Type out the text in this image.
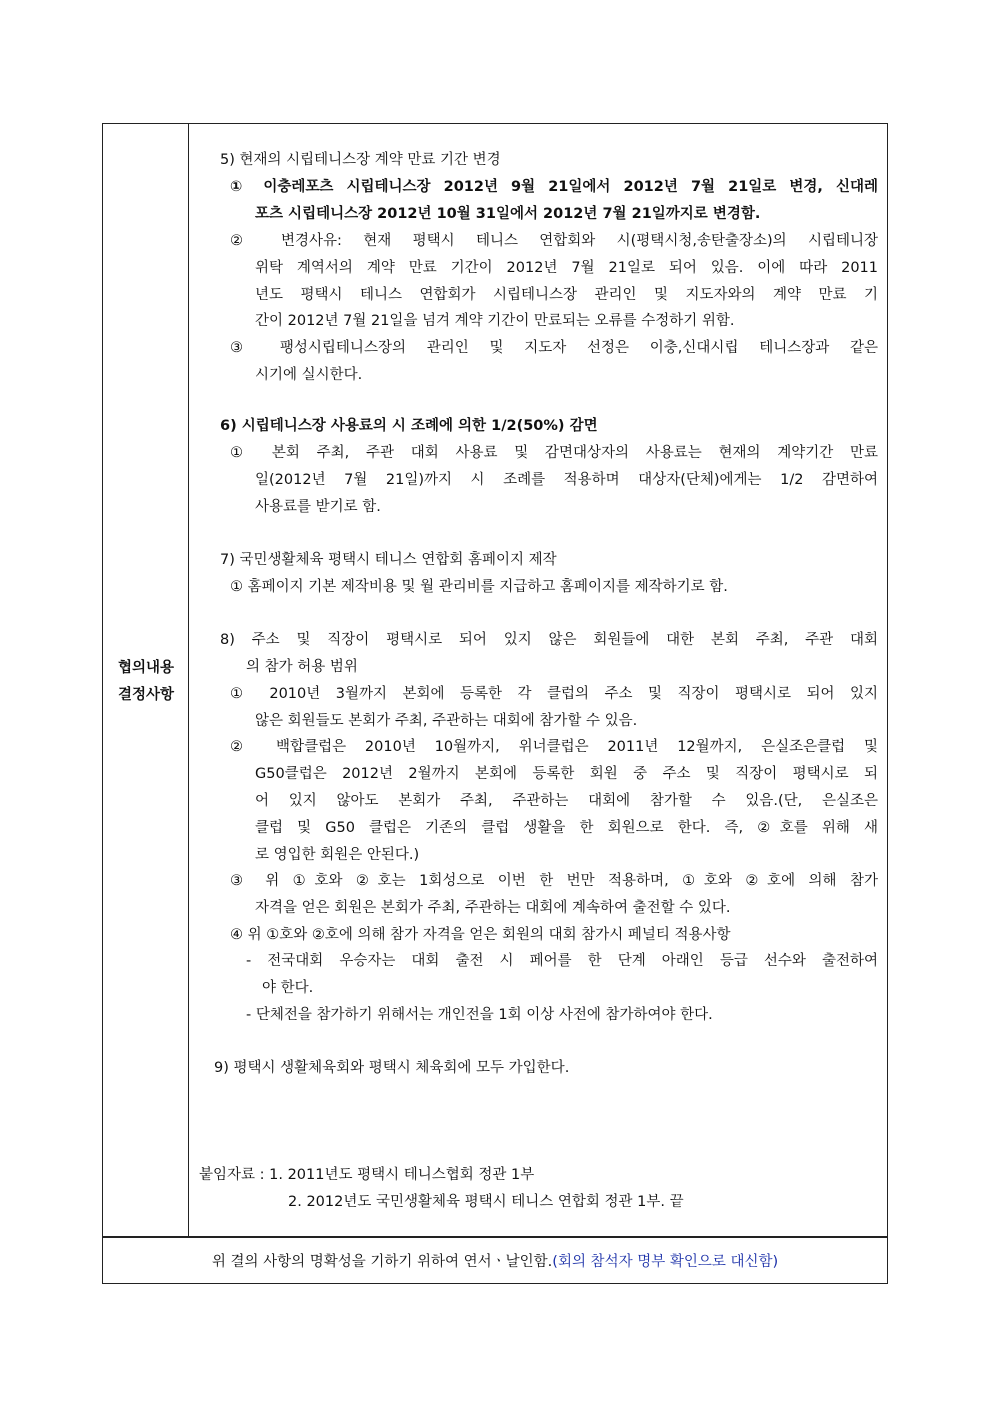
협의내용
결정사항
5) 현재의 시립테니스장 계약 만료 기간 변경
① 이충레포츠 시립테니스장 2012년 9월 21일에서 2012년 7월 21일로 변경, 신대레
포츠 시립테니스장 2012년 10월 31일에서 2012년 7월 21일까지로 변경함.
② 변경사유: 현재 평택시 테니스 연합회와 시(평택시청,송탄출장소)의 시립테니장
위탁 계역서의 계약 만료 기간이 2012년 7월 21일로 되어 있음. 이에 따라 2011
년도 평택시 테니스 연합회가 시립테니스장 관리인 및 지도자와의 계약 만료 기
간이 2012년 7월 21일을 넘겨 계약 기간이 만료되는 오류를 수정하기 위함.
③ 팽성시립테니스장의 관리인 및 지도자 선정은 이충,신대시립 테니스장과 같은
시기에 실시한다.
6) 시립테니스장 사용료의 시 조례에 의한 1/2(50%) 감면
① 본회 주최, 주관 대회 사용료 및 감면대상자의 사용료는 현재의 계약기간 만료
일(2012년 7월 21일)까지 시 조례를 적용하며 대상자(단체)에게는 1/2 감면하여
사용료를 받기로 함.
7) 국민생활체육 평택시 테니스 연합회 홈페이지 제작
① 홈페이지 기본 제작비용 및 월 관리비를 지급하고 홈페이지를 제작하기로 함.
8) 주소 및 직장이 평택시로 되어 있지 않은 회원들에 대한 본회 주최, 주관 대회
의 참가 허용 범위
① 2010년 3월까지 본회에 등록한 각 클럽의 주소 및 직장이 평택시로 되어 있지
않은 회원들도 본회가 주최, 주관하는 대회에 참가할 수 있음.
② 백합클럽은 2010년 10월까지, 위너클럽은 2011년 12월까지, 은실조은클럽 및
G50클럽은 2012년 2월까지 본회에 등록한 회원 중 주소 및 직장이 평택시로 되
어 있지 않아도 본회가 주최, 주관하는 대회에 참가할 수 있음.(단, 은실조은
클럽 및 G50 클럽은 기존의 클럽 생활을 한 회원으로 한다. 즉, ②호를 위해 새
로 영입한 회원은 안된다.)
③ 위 ①호와 ②호는 1회성으로 이번 한 번만 적용하며, ①호와 ②호에 의해 참가
자격을 얻은 회원은 본회가 주최, 주관하는 대회에 계속하여 출전할 수 있다.
④ 위 ①호와 ②호에 의해 참가 자격을 얻은 회원의 대회 참가시 페널티 적용사항
- 전국대회 우승자는 대회 출전 시 페어를 한 단계 아래인 등급 선수와 출전하여
야 한다.
- 단체전을 참가하기 위해서는 개인전을 1회 이상 사전에 참가하여야 한다.
9) 평택시 생활체육회와 평택시 체육회에 모두 가입한다.
붙임자료 : 1. 2011년도 평택시 테니스협회 정관 1부
2. 2012년도 국민생활체육 평택시 테니스 연합회 정관 1부. 끝
위 결의 사항의 명확성을 기하기 위하여 연서ㆍ날인함.(회의 참석자 명부 확인으로 대신함)
